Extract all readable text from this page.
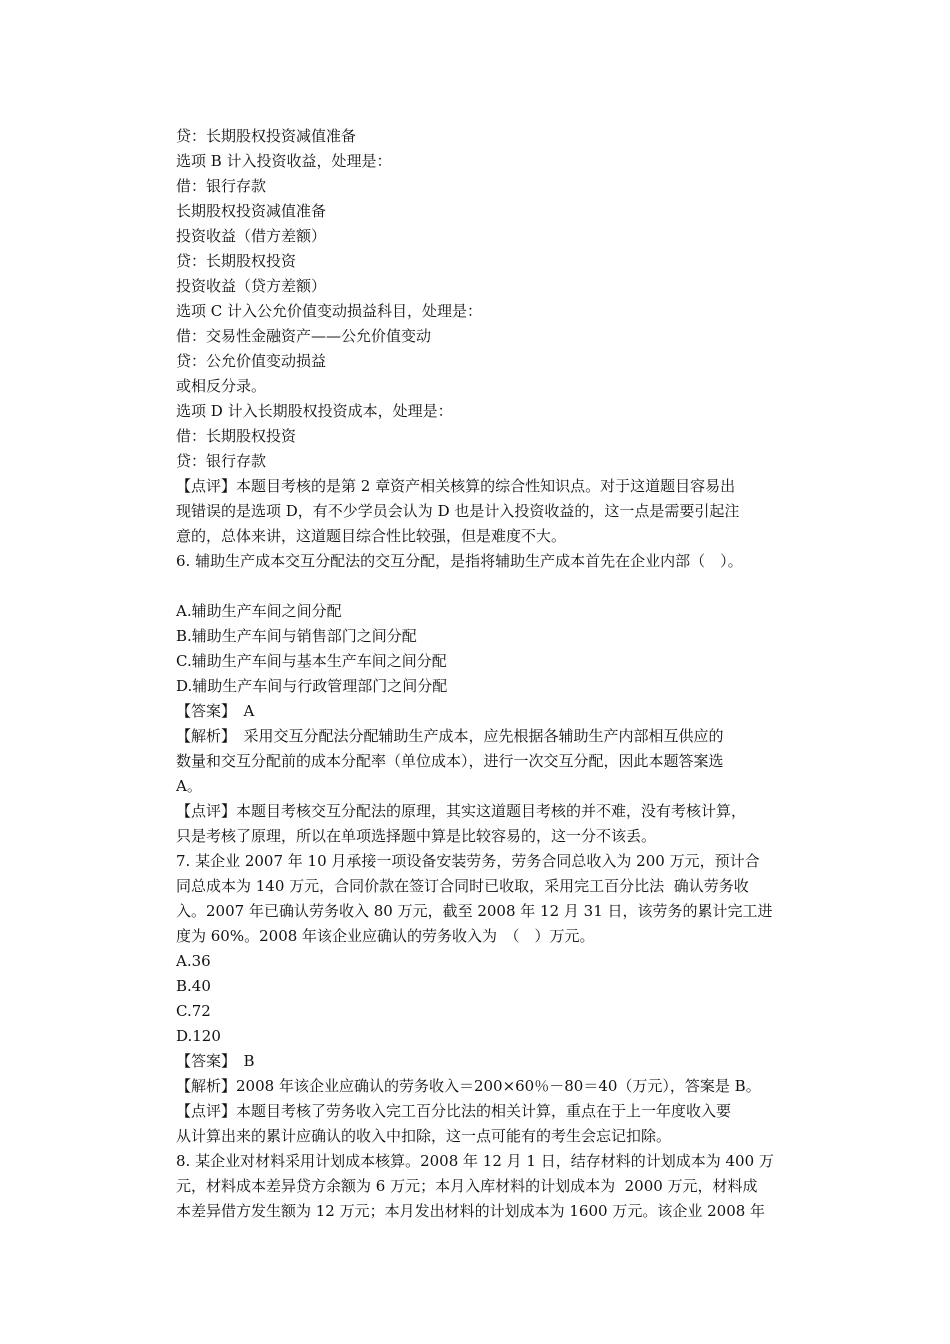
贷：长期股权投资减值准备
选项 B 计入投资收益，处理是：
借：银行存款
长期股权投资减值准备
投资收益（借方差额）
贷：长期股权投资
投资收益（贷方差额）
选项 C 计入公允价值变动损益科目，处理是：
借：交易性金融资产——公允价值变动
贷：公允价值变动损益
或相反分录。
选项 D 计入长期股权投资成本，处理是：
借：长期股权投资
贷：银行存款
【点评】本题目考核的是第 2 章资产相关核算的综合性知识点。对于这道题目容易出
现错误的是选项 D，有不少学员会认为 D 也是计入投资收益的，这一点是需要引起注
意的，总体来讲，这道题目综合性比较强，但是难度不大。
6. 辅助生产成本交互分配法的交互分配，是指将辅助生产成本首先在企业内部（　）。
A.辅助生产车间之间分配
B.辅助生产车间与销售部门之间分配
C.辅助生产车间与基本生产车间之间分配
D.辅助生产车间与行政管理部门之间分配
【答案】　A
【解析】　采用交互分配法分配辅助生产成本，应先根据各辅助生产内部相互供应的
数量和交互分配前的成本分配率（单位成本），进行一次交互分配，因此本题答案选
A。
【点评】本题目考核交互分配法的原理，其实这道题目考核的并不难，没有考核计算，
只是考核了原理，所以在单项选择题中算是比较容易的，这一分不该丢。
7. 某企业 2007 年 10 月承接一项设备安装劳务，劳务合同总收入为 200 万元，预计合
同总成本为 140 万元，合同价款在签订合同时已收取，采用完工百分比法  确认劳务收
入。2007 年已确认劳务收入 80 万元，截至 2008 年 12 月 31 日，该劳务的累计完工进
度为 60%。2008 年该企业应确认的劳务收入为　（　）万元。
A.36
B.40
C.72
D.120
【答案】　B
【解析】2008 年该企业应确认的劳务收入＝200×60％－80＝40（万元），答案是 B。
【点评】本题目考核了劳务收入完工百分比法的相关计算，重点在于上一年度收入要
从计算出来的累计应确认的收入中扣除，这一点可能有的考生会忘记扣除。
8. 某企业对材料采用计划成本核算。2008 年 12 月 1 日，结存材料的计划成本为 400 万
元，材料成本差异贷方余额为 6 万元；本月入库材料的计划成本为  2000 万元，材料成
本差异借方发生额为 12 万元；本月发出材料的计划成本为 1600 万元。该企业 2008 年
